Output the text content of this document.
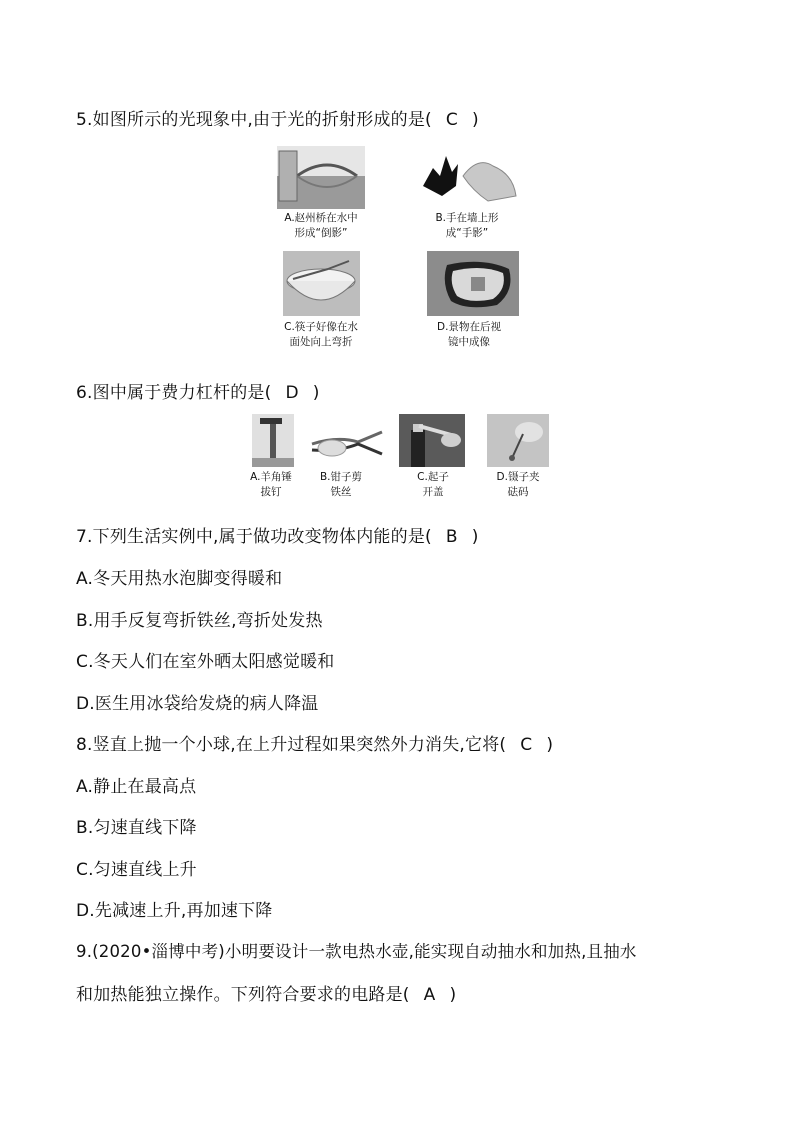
5.如图所示的光现象中,由于光的折射形成的是( C )
A.赵州桥在水中
形成“倒影”
B.手在墙上形
成“手影”
C.筷子好像在水
面处向上弯折
D.景物在后视
镜中成像
6.图中属于费力杠杆的是( D )
A.羊角锤
拔钉
B.钳子剪
铁丝
C.起子
开盖
D.镊子夹
砝码
7.下列生活实例中,属于做功改变物体内能的是( B )
A.冬天用热水泡脚变得暖和
B.用手反复弯折铁丝,弯折处发热
C.冬天人们在室外晒太阳感觉暖和
D.医生用冰袋给发烧的病人降温
8.竖直上抛一个小球,在上升过程如果突然外力消失,它将( C )
A.静止在最高点
B.匀速直线下降
C.匀速直线上升
D.先减速上升,再加速下降
9.(2020•淄博中考)小明要设计一款电热水壶,能实现自动抽水和加热,且抽水
和加热能独立操作。下列符合要求的电路是( A )
